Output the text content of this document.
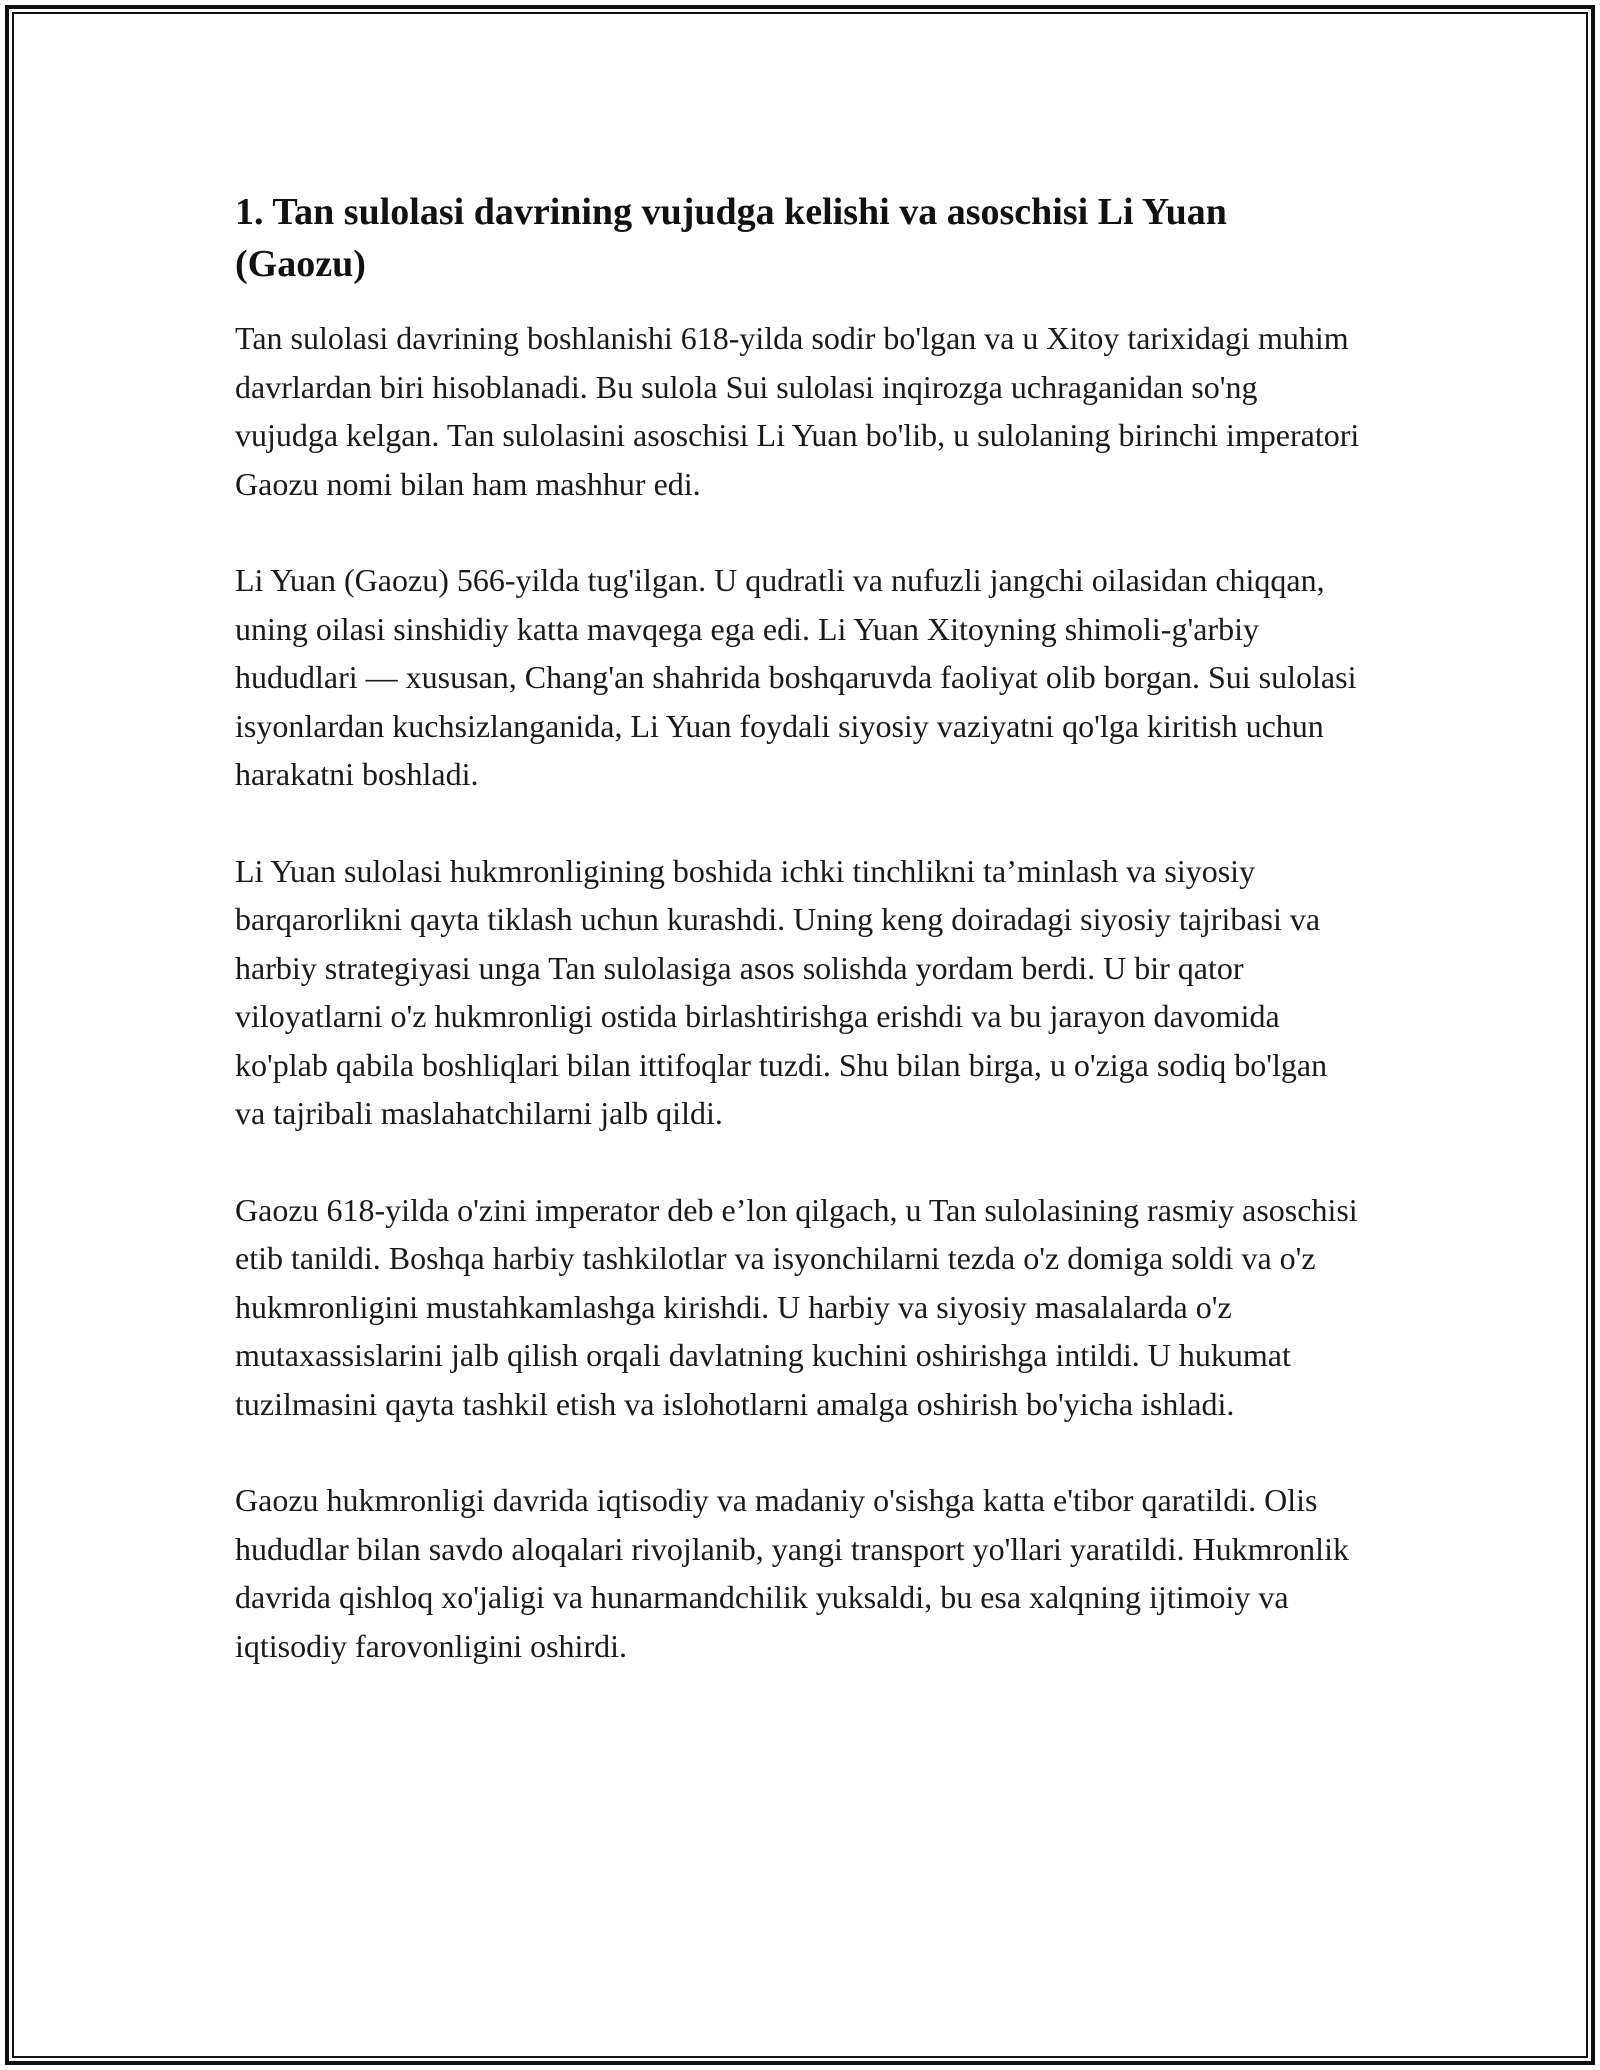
1. Tan sulolasi davrining vujudga kelishi va asoschisi Li Yuan (Gaozu)

Tan sulolasi davrining boshlanishi 618-yilda sodir bo'lgan va u Xitoy tarixidagi muhim davrlardan biri hisoblanadi. Bu sulola Sui sulolasi inqirozga uchraganidan so'ng vujudga kelgan. Tan sulolasini asoschisi Li Yuan bo'lib, u sulolaning birinchi imperatori Gaozu nomi bilan ham mashhur edi.

Li Yuan (Gaozu) 566-yilda tug'ilgan. U qudratli va nufuzli jangchi oilasidan chiqqan, uning oilasi sinshidiy katta mavqega ega edi. Li Yuan Xitoyning shimoli-g'arbiy hududlari — xususan, Chang'an shahrida boshqaruvda faoliyat olib borgan. Sui sulolasi isyonlardan kuchsizlanganida, Li Yuan foydali siyosiy vaziyatni qo'lga kiritish uchun harakatni boshladi.

Li Yuan sulolasi hukmronligining boshida ichki tinchlikni ta’minlash va siyosiy barqarorlikni qayta tiklash uchun kurashdi. Uning keng doiradagi siyosiy tajribasi va harbiy strategiyasi unga Tan sulolasiga asos solishda yordam berdi. U bir qator viloyatlarni o'z hukmronligi ostida birlashtirishga erishdi va bu jarayon davomida ko'plab qabila boshliqlari bilan ittifoqlar tuzdi. Shu bilan birga, u o'ziga sodiq bo'lgan va tajribali maslahatchilarni jalb qildi.

Gaozu 618-yilda o'zini imperator deb e’lon qilgach, u Tan sulolasining rasmiy asoschisi etib tanildi. Boshqa harbiy tashkilotlar va isyonchilarni tezda o'z domiga soldi va o'z hukmronligini mustahkamlashga kirishdi. U harbiy va siyosiy masalalarda o'z mutaxassislarini jalb qilish orqali davlatning kuchini oshirishga intildi. U hukumat tuzilmasini qayta tashkil etish va islohotlarni amalga oshirish bo'yicha ishladi.

Gaozu hukmronligi davrida iqtisodiy va madaniy o'sishga katta e'tibor qaratildi. Olis hududlar bilan savdo aloqalari rivojlanib, yangi transport yo'llari yaratildi. Hukmronlik davrida qishloq xo'jaligi va hunarmandchilik yuksaldi, bu esa xalqning ijtimoiy va iqtisodiy farovonligini oshirdi.
